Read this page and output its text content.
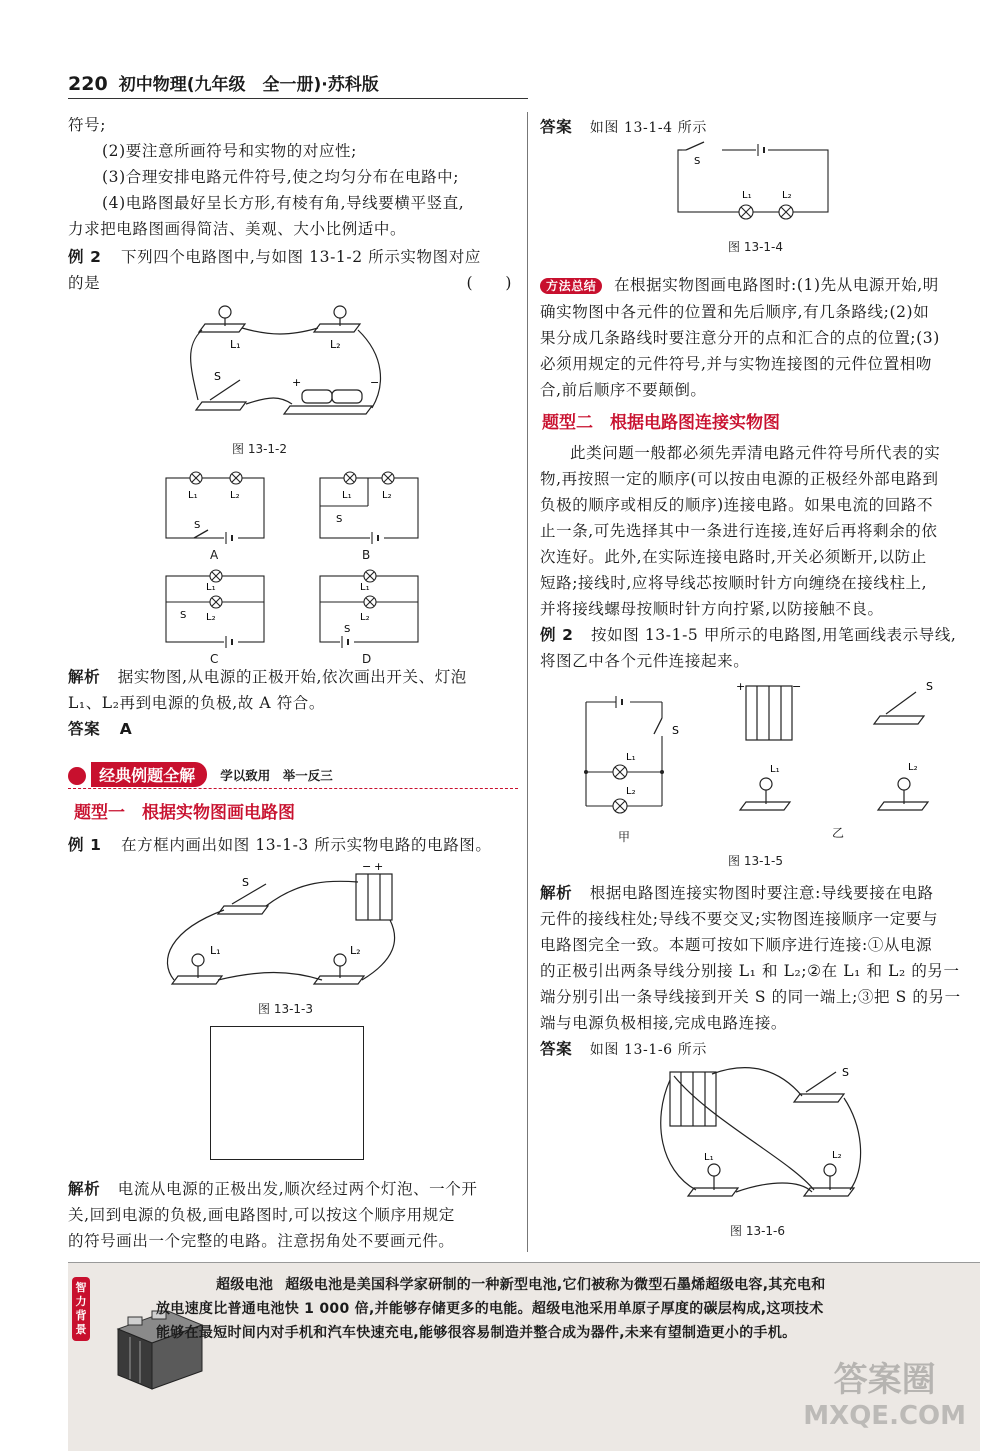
220 初中物理(九年级　全一册)·苏科版
符号;
(2)要注意所画符号和实物的对应性;
(3)合理安排电路元件符号,使之均匀分布在电路中;
(4)电路图最好呈长方形,有棱有角,导线要横平竖直,
力求把电路图画得简洁、美观、大小比例适中。
例 2 下列四个电路图中,与如图 13-1-2 所示实物图对应
的是	(　　)
L₁	L₂
S	+	−
图 13-1-2
L₁	L₂
S
L₁	L₂
S
L₁
L₂
S
L₁
L₂
S
A	B
C	D
解析 据实物图,从电源的正极开始,依次画出开关、灯泡
L₁、L₂再到电源的负极,故 A 符合。
答案 A
经典例题全解 学以致用　举一反三
题型一　根据实物图画电路图
例 1 在方框内画出如图 13-1-3 所示实物电路的电路图。
S
L₁	L₂
− +
图 13-1-3
解析 电流从电源的正极出发,顺次经过两个灯泡、一个开
关,回到电源的负极,画电路图时,可以按这个顺序用规定
的符号画出一个完整的电路。注意拐角处不要画元件。
答案 如图 13-1-4 所示
S
L₁	L₂
图 13-1-4
方法总结 在根据实物图画电路图时:(1)先从电源开始,明
确实物图中各元件的位置和先后顺序,有几条路线;(2)如
果分成几条路线时要注意分开的点和汇合的点的位置;(3)
必须用规定的元件符号,并与实物连接图的元件位置相吻
合,前后顺序不要颠倒。
题型二　根据电路图连接实物图
此类问题一般都必须先弄清电路元件符号所代表的实
物,再按照一定的顺序(可以按由电源的正极经外部电路到
负极的顺序或相反的顺序)连接电路。如果电流的回路不
止一条,可先选择其中一条进行连接,连好后再将剩余的依
次连好。此外,在实际连接电路时,开关必须断开,以防止
短路;接线时,应将导线芯按顺时针方向缠绕在接线柱上,
并将接线螺母按顺时针方向拧紧,以防接触不良。
例 2 按如图 13-1-5 甲所示的电路图,用笔画线表示导线,
将图乙中各个元件连接起来。
S
L₁
L₂
甲
+	−	S
L₁	L₂
乙
图 13-1-5
解析 根据电路图连接实物图时要注意:导线要接在电路
元件的接线柱处;导线不要交叉;实物图连接顺序一定要与
电路图完全一致。本题可按如下顺序进行连接:①从电源
的正极引出两条导线分别接 L₁ 和 L₂;②在 L₁ 和 L₂ 的另一
端分别引出一条导线接到开关 S 的同一端上;③把 S 的另一
端与电源负极相接,完成电路连接。
答案 如图 13-1-6 所示
S
L₁	L₂
图 13-1-6
智力背景
超级电池 超级电池是美国科学家研制的一种新型电池,它们被称为微型石墨烯超级电容,其充电和
放电速度比普通电池快 1 000 倍,并能够存储更多的电能。超级电池采用单原子厚度的碳层构成,这项技术
能够在最短时间内对手机和汽车快速充电,能够很容易制造并整合成为器件,未来有望制造更小的手机。
答案圈
MXQE.COM
